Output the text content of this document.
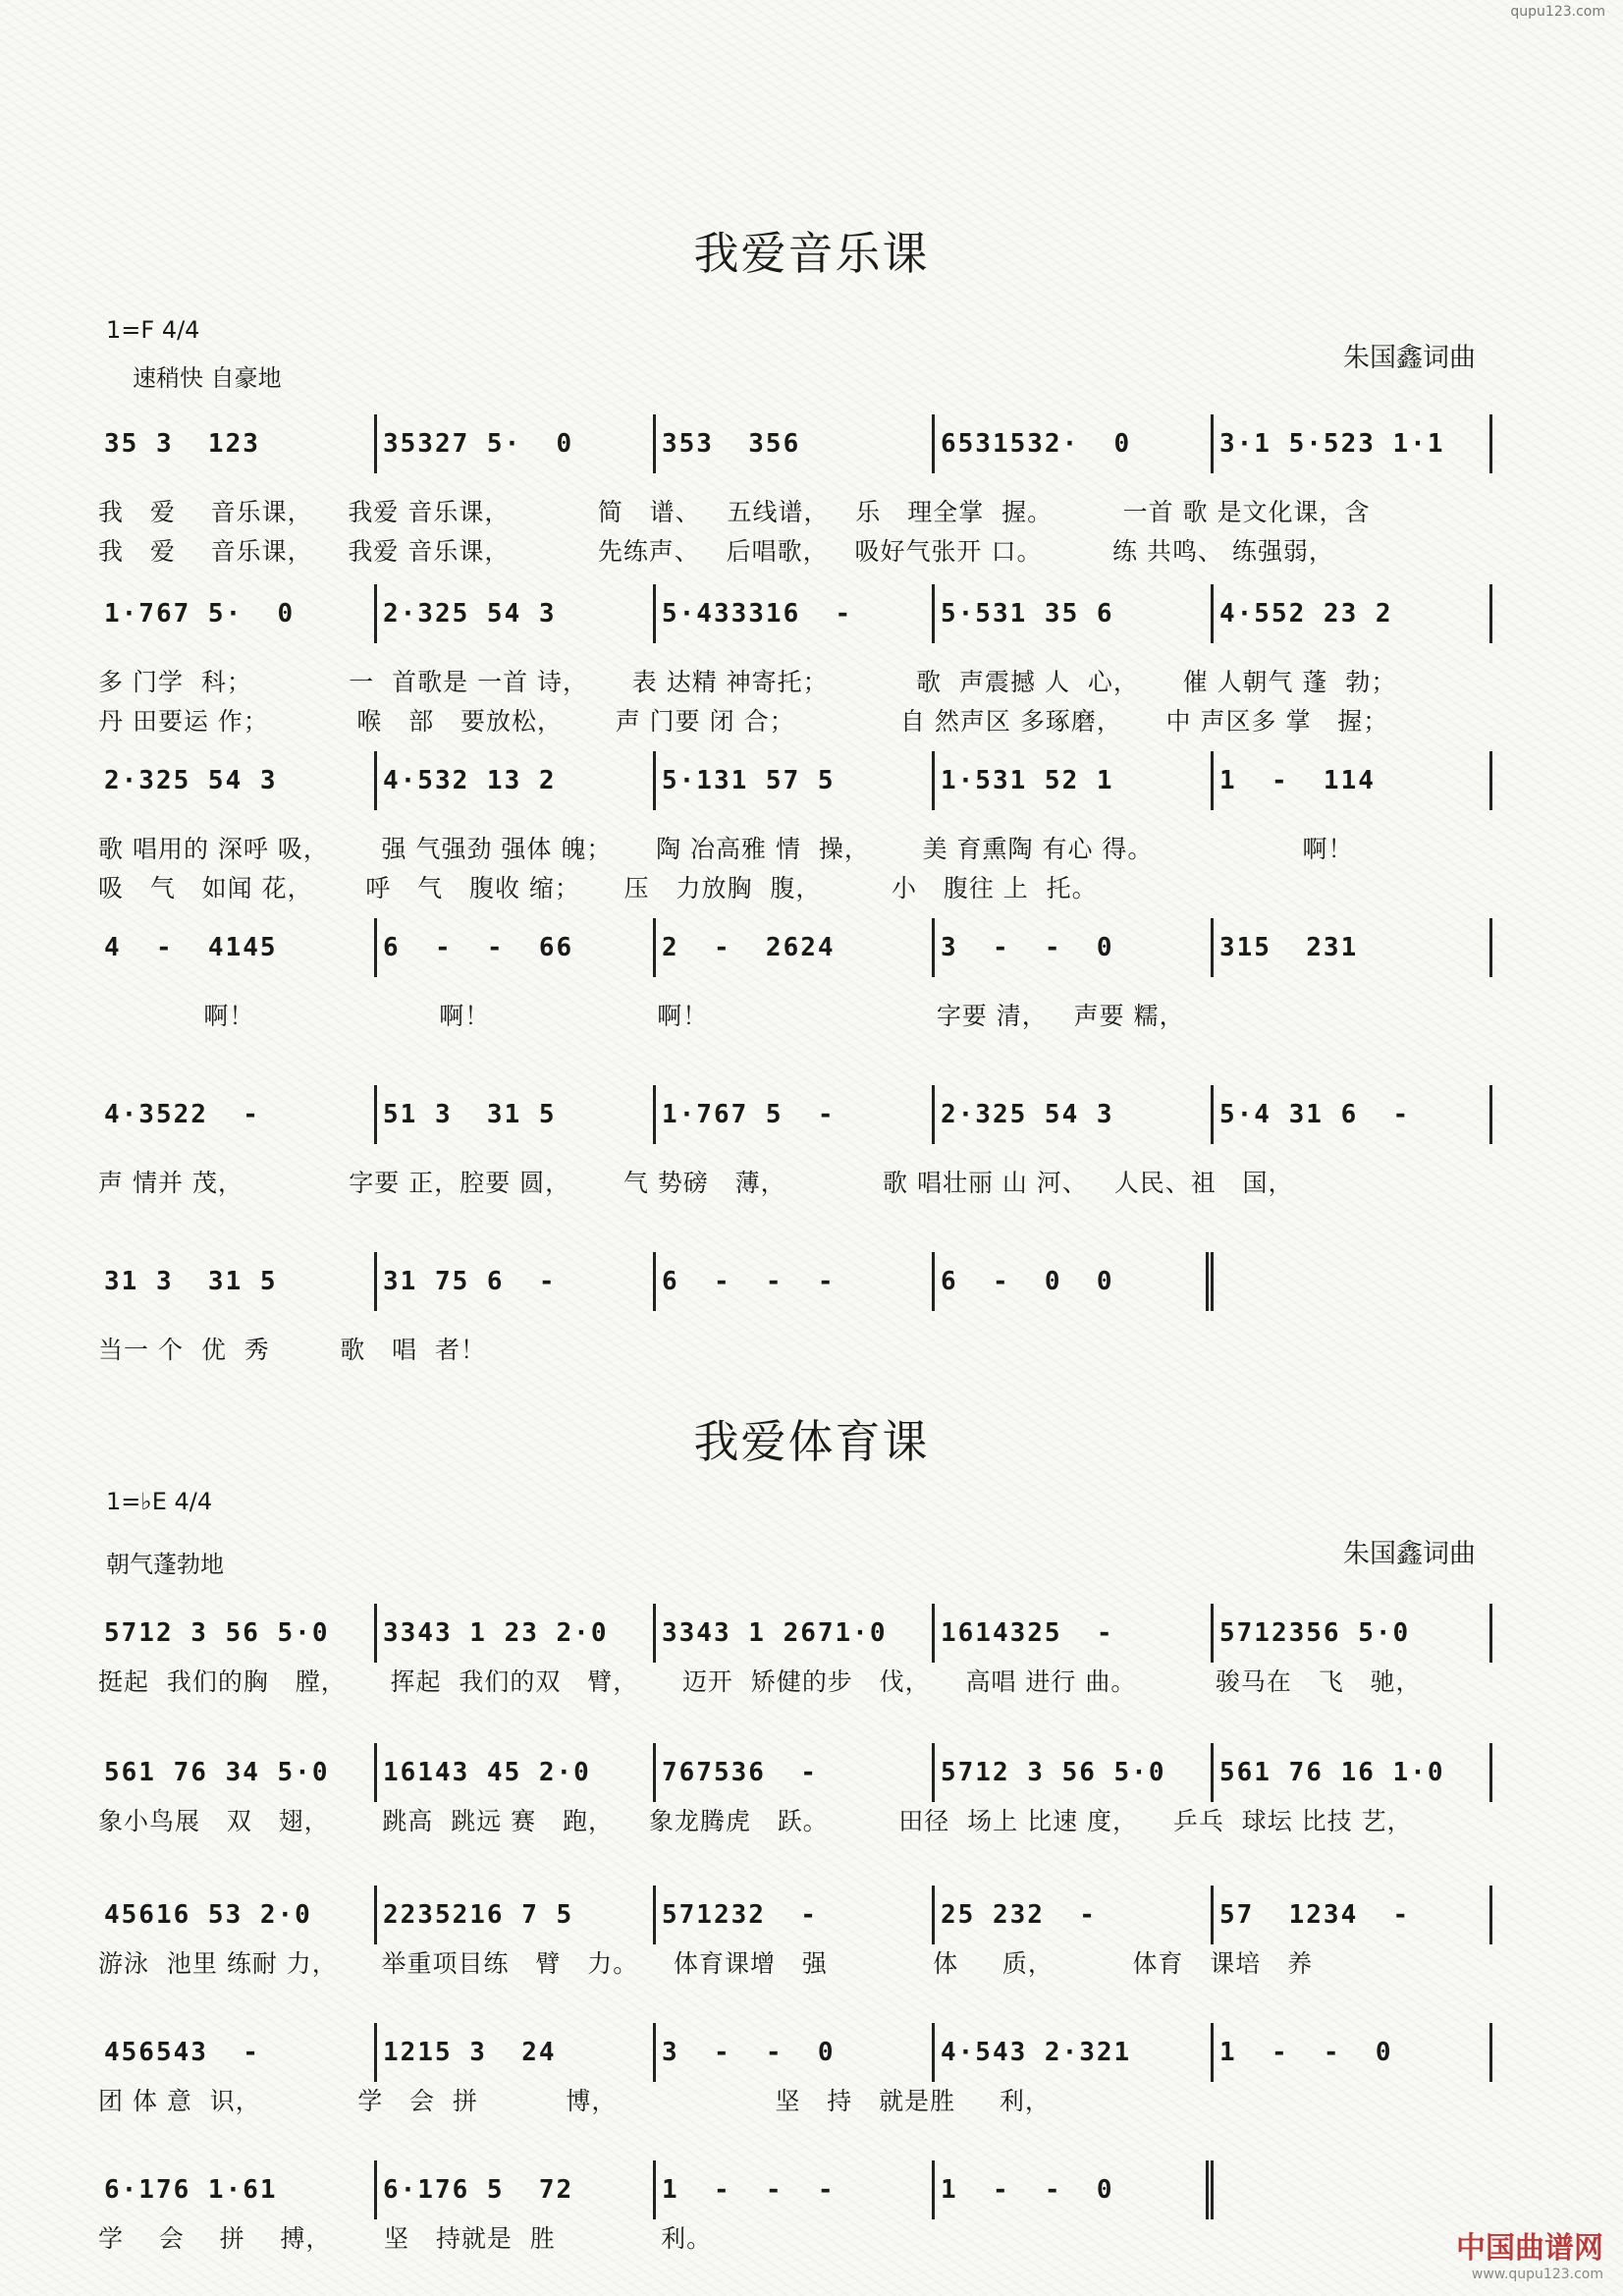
qupu123.com
我爱音乐课
1=F 4/4
速稍快 自豪地
朱国鑫词曲
35 3  123	35327 5·  0	353  356	6531532·  0	3·1 5·523 1·1
我   爱    音乐课，    我爱 音乐课，          简   谱、   五线谱，   乐   理全掌  握。        一首 歌 是文化课，含
我   爱    音乐课，    我爱 音乐课，          先练声、   后唱歌，   吸好气张开 口。        练 共鸣、 练强弱，
1·767 5·  0	2·325 54 3	5·433316  -	5·531 35 6	4·552 23 2
多 门学  科；           一  首歌是 一首 诗，     表 达精 神寄托；          歌  声震撼 人  心，     催 人朝气 蓬  勃；
丹 田要运 作；          喉   部   要放松，      声 门要 闭 合；            自 然声区 多琢磨，     中 声区多 掌   握；
2·325 54 3	4·532 13 2	5·131 57 5	1·531 52 1	1  -  114
歌 唱用的 深呼 吸，      强 气强劲 强体 魄；     陶 冶高雅 情  操，      美 育熏陶 有心 得。                 啊！
吸   气   如闻 花，      呼   气   腹收 缩；     压   力放胸  腹，        小   腹往 上  托。
4  -  4145	6  -  -  66	2  -  2624	3  -  -  0	315  231
啊！                     啊！                   啊！                          字要 清，   声要 糯，
4·3522  -	51 3  31 5	1·767 5  -	2·325 54 3	5·4 31 6  -
声 情并 茂，            字要 正，腔要 圆，      气 势磅   薄，           歌 唱壮丽 山 河、   人民、祖   国，
31 3  31 5	31 75 6  -	6  -  -  -	6  -  0  0
当一 个  优  秀        歌   唱  者！
我爱体育课
1=♭E 4/4
朝气蓬勃地	朱国鑫词曲
5712 3 56 5·0	3343 1 23 2·0	3343 1 2671·0	1614325  -	5712356 5·0
挺起  我们的胸   膛，     挥起  我们的双   臂，     迈开  矫健的步   伐，    高唱 进行 曲。         骏马在   飞   驰，
561 76 34 5·0	16143 45 2·0	767536  -	5712 3 56 5·0	561 76 16 1·0
象小鸟展   双   翅，      跳高  跳远 赛   跑，    象龙腾虎   跃。        田径  场上 比速 度，    乒乓  球坛 比技 艺，
45616 53 2·0	2235216 7 5	571232  -	25 232  -	57  1234  -
游泳  池里 练耐 力，     举重项目练   臂   力。    体育课增   强            体     质，         体育   课培   养
456543  -	1215 3  24	3  -  -  0	4·543 2·321	1  -  -  0
团 体 意  识，           学   会  拼          博，                  坚   持   就是胜     利，
6·176 1·61	6·176 5  72	1  -  -  -	1  -  -  0
学    会    拼    搏，      坚   持就是  胜            利。	中国曲谱网
www.qupu123.com
